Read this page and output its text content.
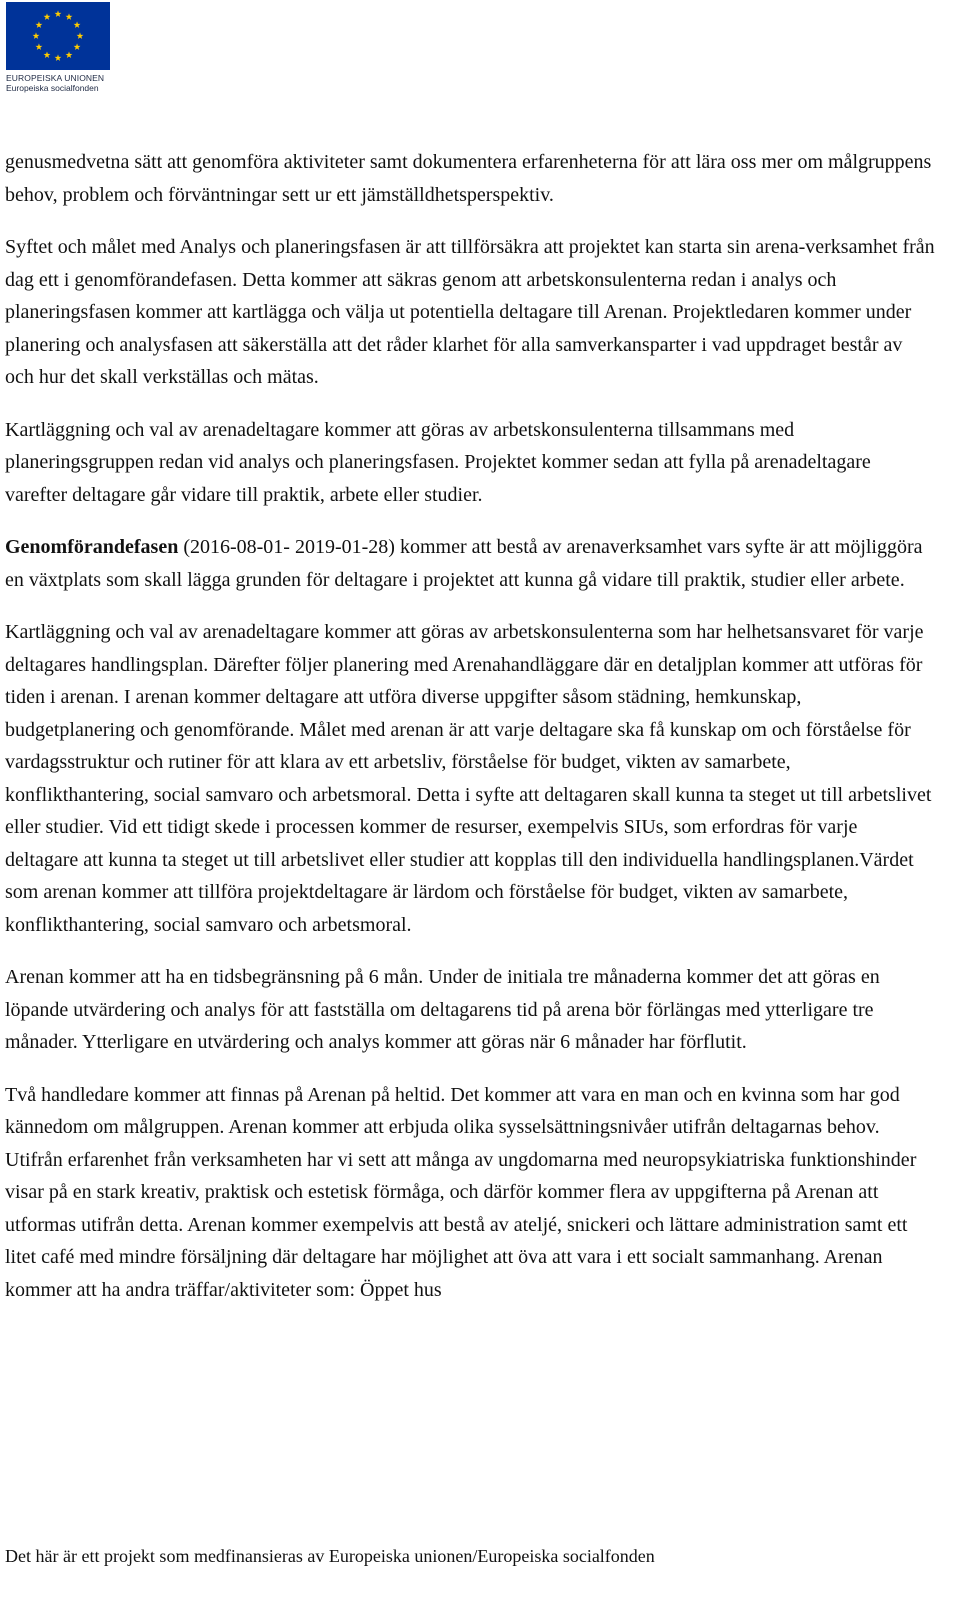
EUROPEISKA UNIONEN
Europeiska socialfonden

genusmedvetna sätt att genomföra aktiviteter samt dokumentera erfarenheterna för att lära oss mer om målgruppens behov, problem och förväntningar sett ur ett jämställdhetsperspektiv.

Syftet och målet med Analys och planeringsfasen är att tillförsäkra att projektet kan starta sin arena-verksamhet från dag ett i genomförandefasen. Detta kommer att säkras genom att arbetskonsulenterna redan i analys och planeringsfasen kommer att kartlägga och välja ut potentiella deltagare till Arenan. Projektledaren kommer under planering och analysfasen att säkerställa att det råder klarhet för alla samverkansparter i vad uppdraget består av och hur det skall verkställas och mätas.

Kartläggning och val av arenadeltagare kommer att göras av arbetskonsulenterna tillsammans med planeringsgruppen redan vid analys och planeringsfasen. Projektet kommer sedan att fylla på arenadeltagare varefter deltagare går vidare till praktik, arbete eller studier.

Genomförandefasen (2016-08-01- 2019-01-28) kommer att bestå av arenaverksamhet vars syfte är att möjliggöra en växtplats som skall lägga grunden för deltagare i projektet att kunna gå vidare till praktik, studier eller arbete.

Kartläggning och val av arenadeltagare kommer att göras av arbetskonsulenterna som har helhetsansvaret för varje deltagares handlingsplan. Därefter följer planering med Arenahandläggare där en detaljplan kommer att utföras för tiden i arenan. I arenan kommer deltagare att utföra diverse uppgifter såsom städning, hemkunskap, budgetplanering och genomförande. Målet med arenan är att varje deltagare ska få kunskap om och förståelse för vardagsstruktur och rutiner för att klara av ett arbetsliv, förståelse för budget, vikten av samarbete, konflikthantering, social samvaro och arbetsmoral. Detta i syfte att deltagaren skall kunna ta steget ut till arbetslivet eller studier. Vid ett tidigt skede i processen kommer de resurser, exempelvis SIUs, som erfordras för varje deltagare att kunna ta steget ut till arbetslivet eller studier att kopplas till den individuella handlingsplanen.Värdet som arenan kommer att tillföra projektdeltagare är lärdom och förståelse för budget, vikten av samarbete, konflikthantering, social samvaro och arbetsmoral.

Arenan kommer att ha en tidsbegränsning på 6 mån. Under de initiala tre månaderna kommer det att göras en löpande utvärdering och analys för att fastställa om deltagarens tid på arena bör förlängas med ytterligare tre månader. Ytterligare en utvärdering och analys kommer att göras när 6 månader har förflutit.

Två handledare kommer att finnas på Arenan på heltid. Det kommer att vara en man och en kvinna som har god kännedom om målgruppen. Arenan kommer att erbjuda olika sysselsättningsnivåer utifrån deltagarnas behov. Utifrån erfarenhet från verksamheten har vi sett att många av ungdomarna med neuropsykiatriska funktionshinder visar på en stark kreativ, praktisk och estetisk förmåga, och därför kommer flera av uppgifterna på Arenan att utformas utifrån detta. Arenan kommer exempelvis att bestå av ateljé, snickeri och lättare administration samt ett litet café med mindre försäljning där deltagare har möjlighet att öva att vara i ett socialt sammanhang. Arenan kommer att ha andra träffar/aktiviteter som: Öppet hus

Det här är ett projekt som medfinansieras av Europeiska unionen/Europeiska socialfonden
